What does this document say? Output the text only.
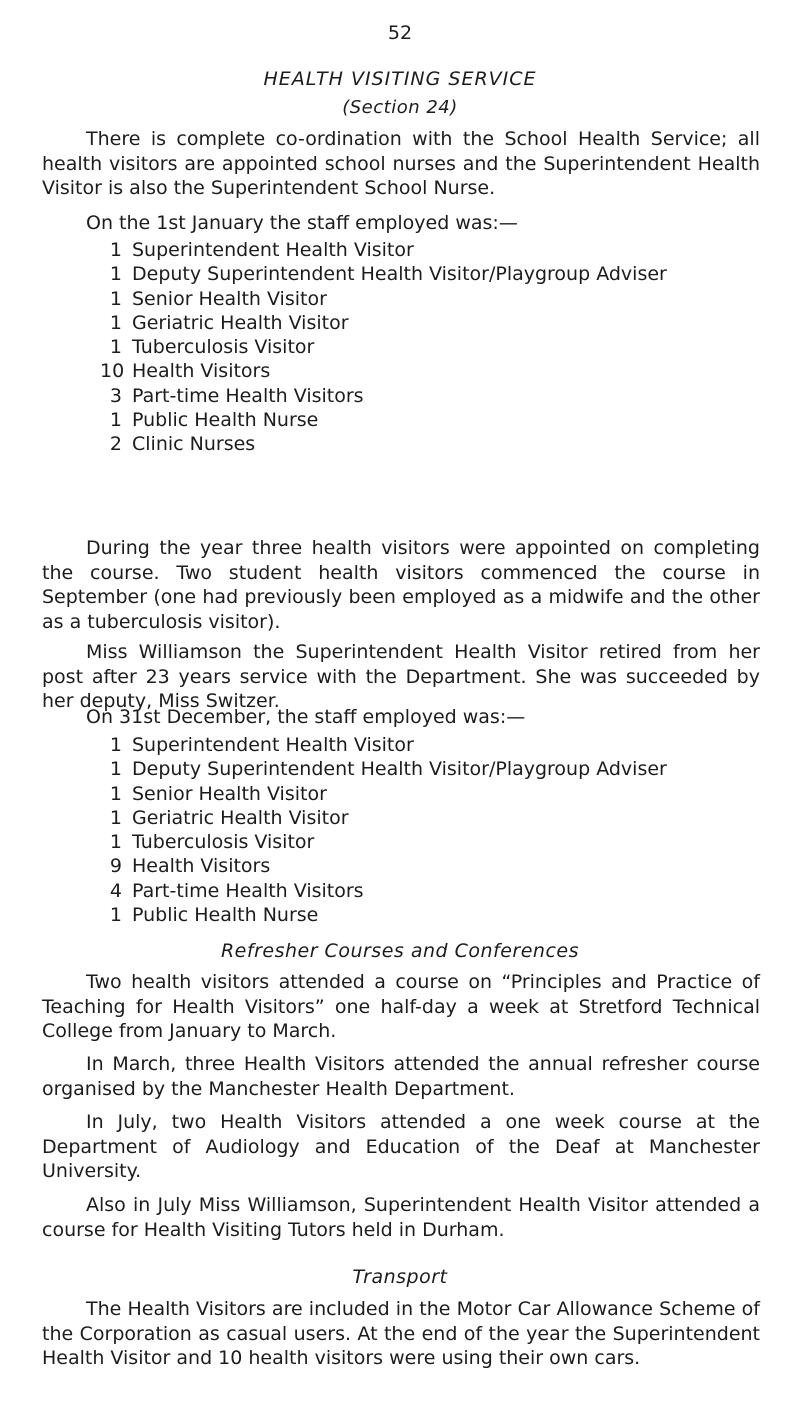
52
HEALTH VISITING SERVICE
(Section 24)

There is complete co-ordination with the School Health Service; all health visitors are appointed school nurses and the Superintendent Health Visitor is also the Superintendent School Nurse.

On the 1st January the staff employed was:—

1 Superintendent Health Visitor
1 Deputy Superintendent Health Visitor/Playgroup Adviser
1 Senior Health Visitor
1 Geriatric Health Visitor
1 Tuberculosis Visitor
10 Health Visitors
3 Part-time Health Visitors
1 Public Health Nurse
2 Clinic Nurses

During the year three health visitors were appointed on completing the course. Two student health visitors commenced the course in September (one had previously been employed as a midwife and the other as a tuberculosis visitor).

Miss Williamson the Superintendent Health Visitor retired from her post after 23 years service with the Department. She was succeeded by her deputy, Miss Switzer.

On 31st December, the staff employed was:—

1 Superintendent Health Visitor
1 Deputy Superintendent Health Visitor/Playgroup Adviser
1 Senior Health Visitor
1 Geriatric Health Visitor
1 Tuberculosis Visitor
9 Health Visitors
4 Part-time Health Visitors
1 Public Health Nurse
Refresher Courses and Conferences

Two health visitors attended a course on “Principles and Practice of Teaching for Health Visitors” one half-day a week at Stretford Technical College from January to March.

In March, three Health Visitors attended the annual refresher course organised by the Manchester Health Department.

In July, two Health Visitors attended a one week course at the Department of Audiology and Education of the Deaf at Manchester University.

Also in July Miss Williamson, Superintendent Health Visitor attended a course for Health Visiting Tutors held in Durham.

Transport

The Health Visitors are included in the Motor Car Allowance Scheme of the Corporation as casual users. At the end of the year the Superintendent Health Visitor and 10 health visitors were using their own cars.
